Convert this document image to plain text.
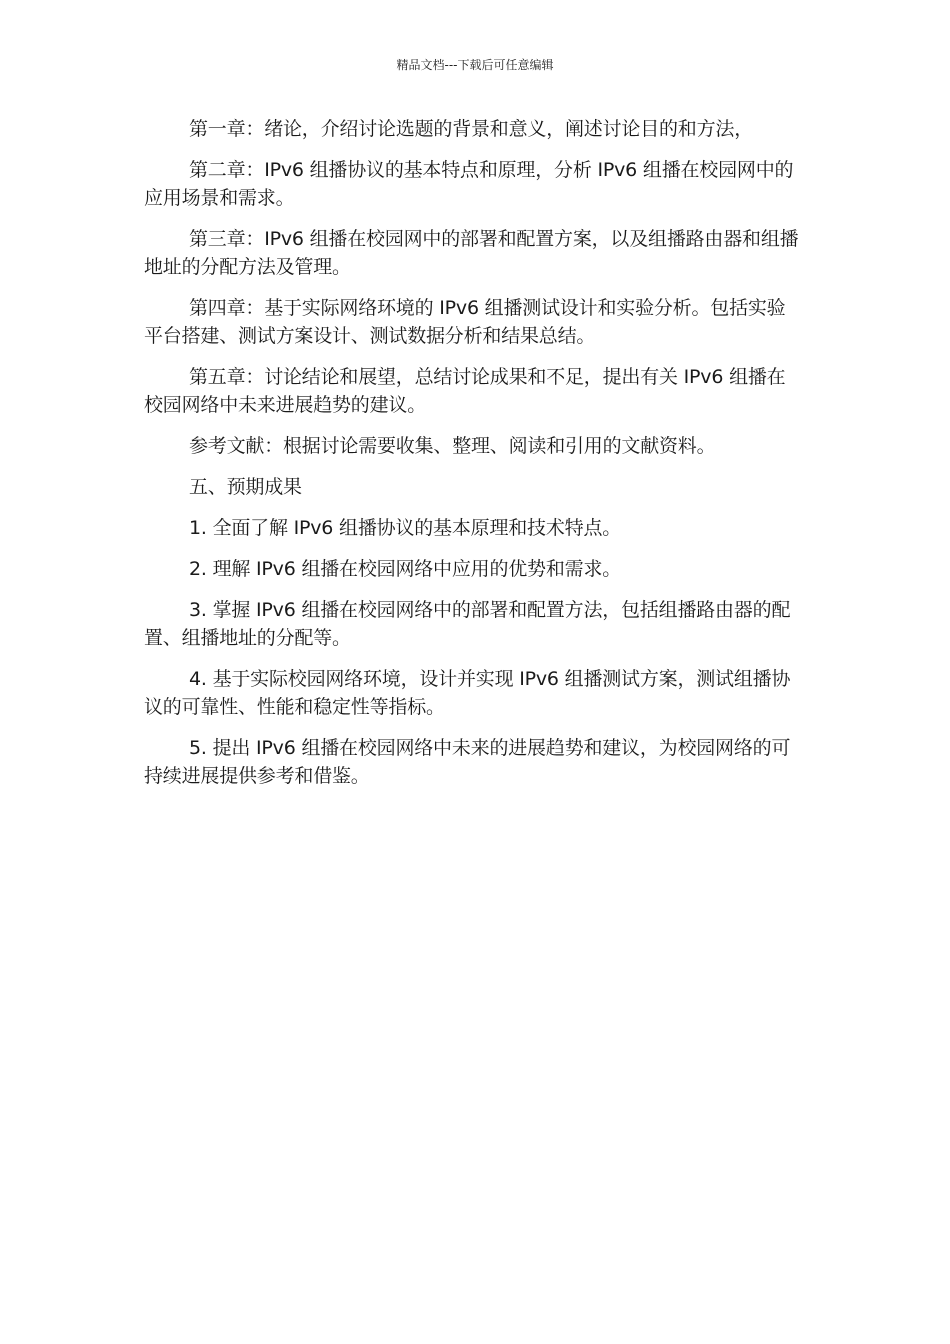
精品文档---下载后可任意编辑

第一章：绪论，介绍讨论选题的背景和意义，阐述讨论目的和方法，

第二章：IPv6 组播协议的基本特点和原理，分析 IPv6 组播在校园网中的应用场景和需求。

第三章：IPv6 组播在校园网中的部署和配置方案，以及组播路由器和组播地址的分配方法及管理。

第四章：基于实际网络环境的 IPv6 组播测试设计和实验分析。包括实验平台搭建、测试方案设计、测试数据分析和结果总结。

第五章：讨论结论和展望，总结讨论成果和不足，提出有关 IPv6 组播在校园网络中未来进展趋势的建议。

参考文献：根据讨论需要收集、整理、阅读和引用的文献资料。

五、预期成果

1. 全面了解 IPv6 组播协议的基本原理和技术特点。

2. 理解 IPv6 组播在校园网络中应用的优势和需求。

3. 掌握 IPv6 组播在校园网络中的部署和配置方法，包括组播路由器的配置、组播地址的分配等。

4. 基于实际校园网络环境，设计并实现 IPv6 组播测试方案，测试组播协议的可靠性、性能和稳定性等指标。

5. 提出 IPv6 组播在校园网络中未来的进展趋势和建议，为校园网络的可持续进展提供参考和借鉴。
